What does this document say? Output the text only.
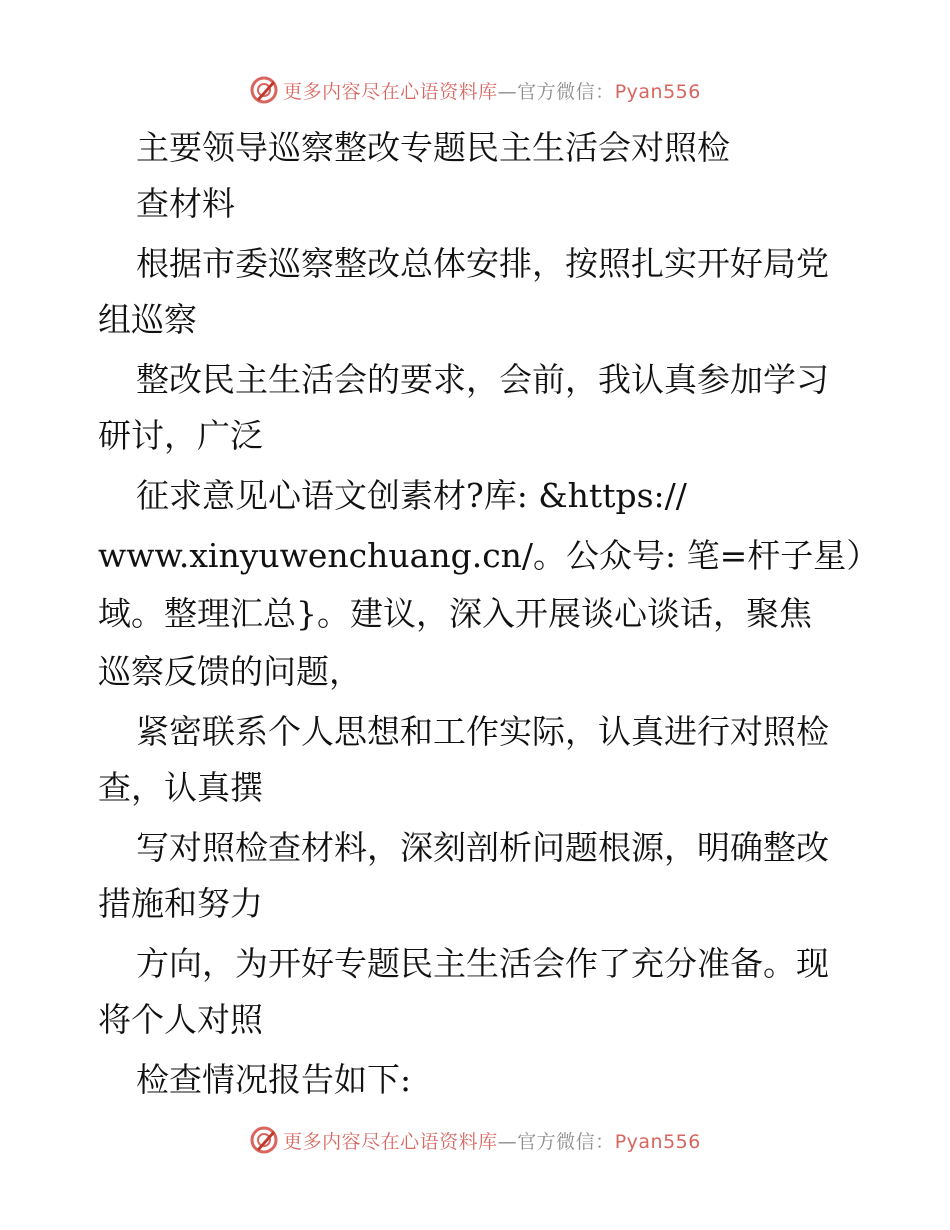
更多内容尽在心语资料库—官方微信：Pyan556
主要领导巡察整改专题民主生活会对照检
查材料
根据市委巡察整改总体安排，按照扎实开好局党
组巡察
整改民主生活会的要求，会前，我认真参加学习
研讨，广泛
征求意见心语文创素材?库: &https://
www.xinyuwenchuang.cn/。公众号: 笔=杆子星）
域。整理汇总}。建议，深入开展谈心谈话，聚焦
巡察反馈的问题，
紧密联系个人思想和工作实际，认真进行对照检
查，认真撰
写对照检查材料，深刻剖析问题根源，明确整改
措施和努力
方向，为开好专题民主生活会作了充分准备。现
将个人对照
检查情况报告如下:
更多内容尽在心语资料库—官方微信：Pyan556
